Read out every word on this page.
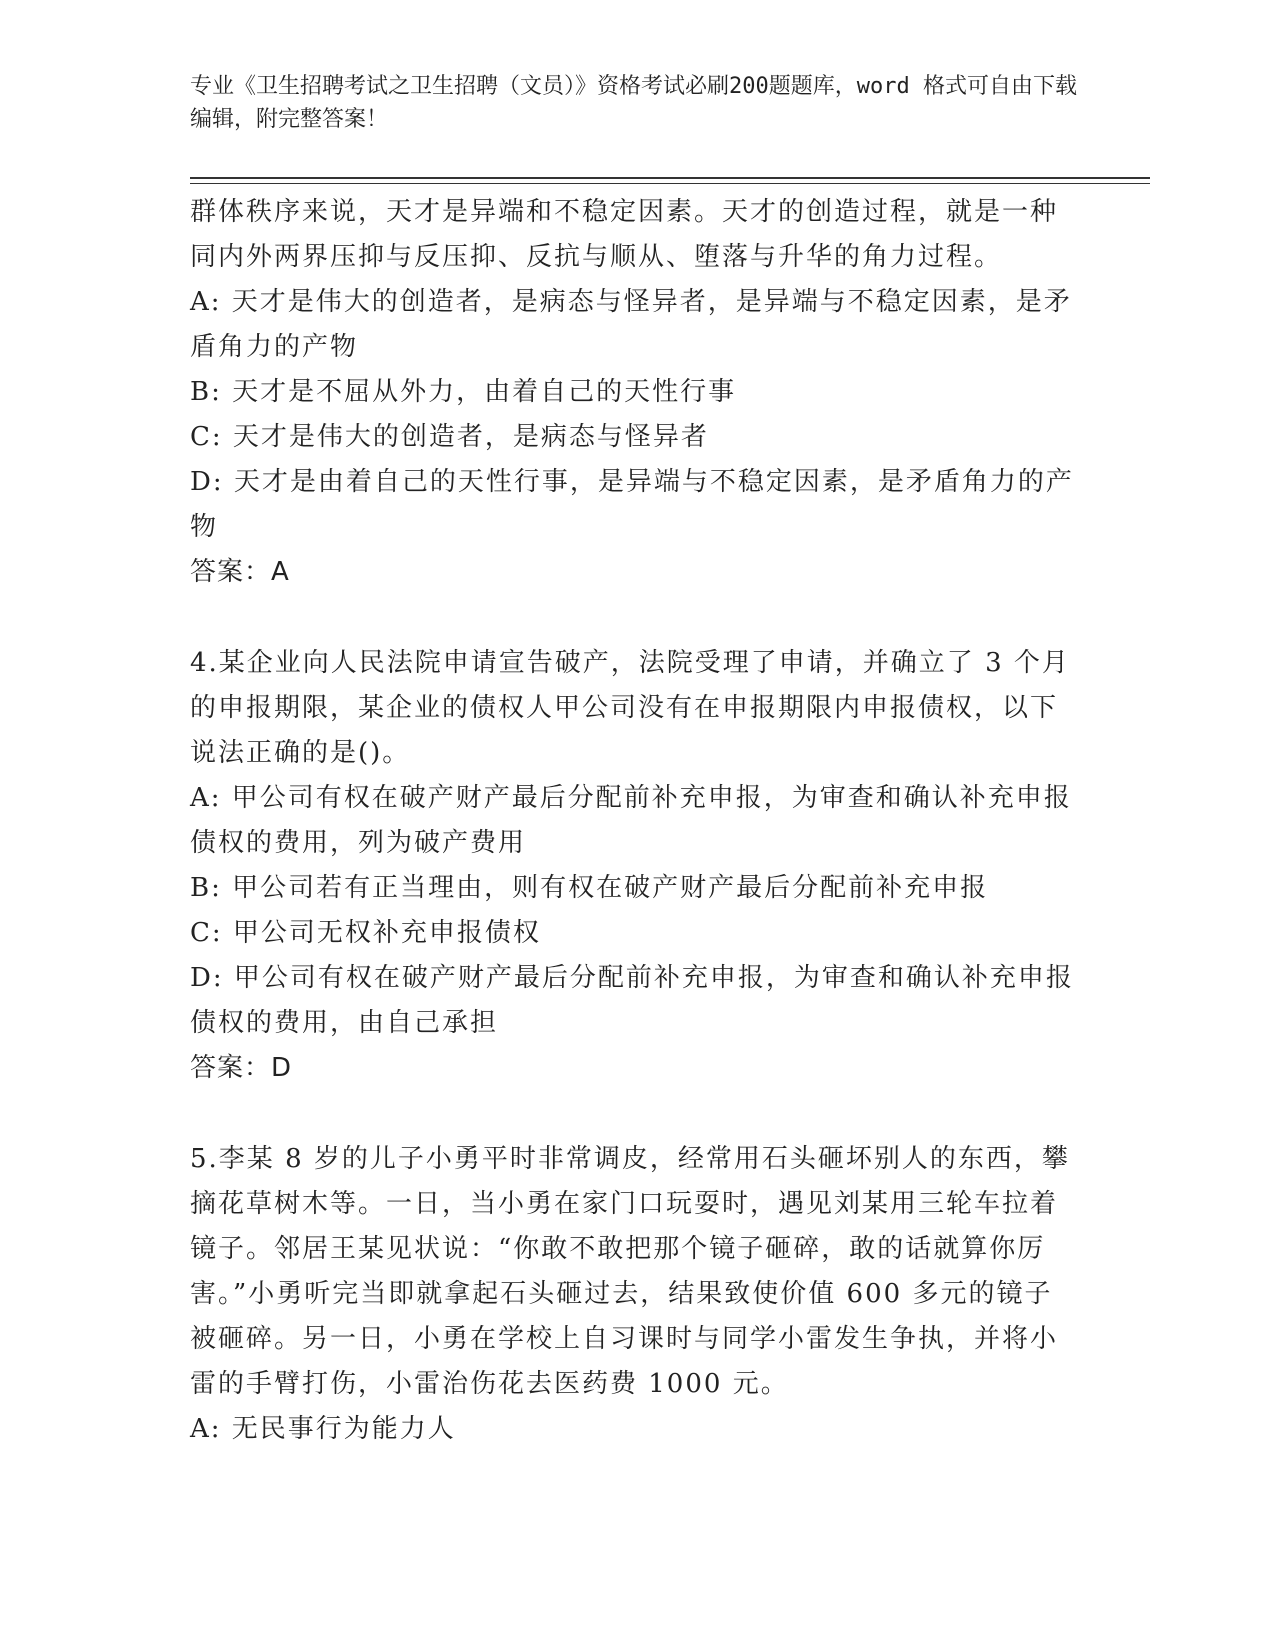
专业《卫生招聘考试之卫生招聘（文员）》资格考试必刷200题题库，word 格式可自由下载编辑，附完整答案！

群体秩序来说，天才是异端和不稳定因素。天才的创造过程，就是一种同内外两界压抑与反压抑、反抗与顺从、堕落与升华的角力过程。

A: 天才是伟大的创造者，是病态与怪异者，是异端与不稳定因素，是矛盾角力的产物

B: 天才是不屈从外力，由着自己的天性行事

C: 天才是伟大的创造者，是病态与怪异者

D: 天才是由着自己的天性行事，是异端与不稳定因素，是矛盾角力的产物

答案：A

4.某企业向人民法院申请宣告破产，法院受理了申请，并确立了 3 个月的申报期限，某企业的债权人甲公司没有在申报期限内申报债权，以下说法正确的是()。

A: 甲公司有权在破产财产最后分配前补充申报，为审查和确认补充申报债权的费用，列为破产费用

B: 甲公司若有正当理由，则有权在破产财产最后分配前补充申报

C: 甲公司无权补充申报债权

D: 甲公司有权在破产财产最后分配前补充申报，为审查和确认补充申报债权的费用，由自己承担

答案：D

5.李某 8 岁的儿子小勇平时非常调皮，经常用石头砸坏别人的东西，攀摘花草树木等。一日，当小勇在家门口玩耍时，遇见刘某用三轮车拉着镜子。邻居王某见状说：“你敢不敢把那个镜子砸碎，敢的话就算你厉害。”小勇听完当即就拿起石头砸过去，结果致使价值 600 多元的镜子被砸碎。另一日，小勇在学校上自习课时与同学小雷发生争执，并将小雷的手臂打伤，小雷治伤花去医药费 1000 元。

A: 无民事行为能力人
